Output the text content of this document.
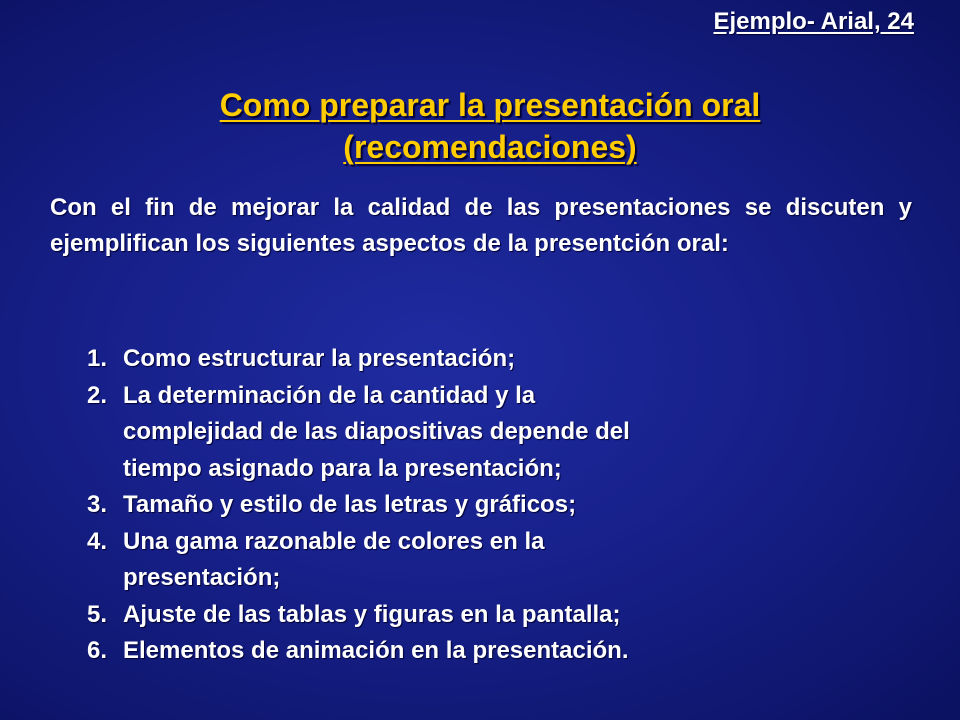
Ejemplo- Arial, 24
Como preparar la presentación oral
(recomendaciones)
Con el fin de mejorar la calidad de las presentaciones se discuten y ejemplifican los siguientes aspectos de la presentción oral:
1. Como estructurar la presentación;
2. La determinación de la cantidad y la
complejidad de las diapositivas depende del
tiempo asignado para la presentación;
3. Tamaño y estilo de las letras y gráficos;
4. Una gama razonable de colores en la
presentación;
5. Ajuste de las tablas y figuras en la pantalla;
6. Elementos de animación en la presentación.
